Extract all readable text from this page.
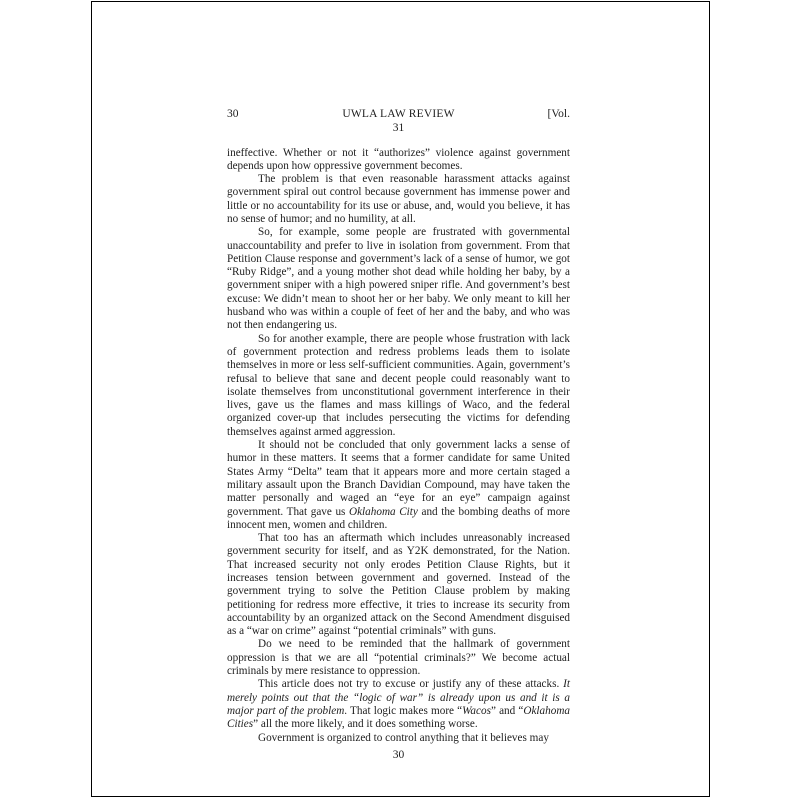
30	UWLA LAW REVIEW	[Vol.
31

ineffective. Whether or not it “authorizes” violence against government depends upon how oppressive government becomes.

The problem is that even reasonable harassment attacks against government spiral out control because government has immense power and little or no accountability for its use or abuse, and, would you believe, it has no sense of humor; and no humility, at all.

So, for example, some people are frustrated with governmental unaccountability and prefer to live in isolation from government. From that Petition Clause response and government’s lack of a sense of humor, we got “Ruby Ridge”, and a young mother shot dead while holding her baby, by a government sniper with a high powered sniper rifle. And government’s best excuse: We didn’t mean to shoot her or her baby. We only meant to kill her husband who was within a couple of feet of her and the baby, and who was not then endangering us.

So for another example, there are people whose frustration with lack of government protection and redress problems leads them to isolate themselves in more or less self-sufficient communities. Again, government’s refusal to believe that sane and decent people could reasonably want to isolate themselves from unconstitutional government interference in their lives, gave us the flames and mass killings of Waco, and the federal organized cover-up that includes persecuting the victims for defending themselves against armed aggression.

It should not be concluded that only government lacks a sense of humor in these matters. It seems that a former candidate for same United States Army “Delta” team that it appears more and more certain staged a military assault upon the Branch Davidian Compound, may have taken the matter personally and waged an “eye for an eye” campaign against government. That gave us Oklahoma City and the bombing deaths of more innocent men, women and children.

That too has an aftermath which includes unreasonably increased government security for itself, and as Y2K demonstrated, for the Nation. That increased security not only erodes Petition Clause Rights, but it increases tension between government and governed. Instead of the government trying to solve the Petition Clause problem by making petitioning for redress more effective, it tries to increase its security from accountability by an organized attack on the Second Amendment disguised as a “war on crime” against “potential criminals” with guns.

Do we need to be reminded that the hallmark of government oppression is that we are all “potential criminals?” We become actual criminals by mere resistance to oppression.

This article does not try to excuse or justify any of these attacks. It merely points out that the “logic of war” is already upon us and it is a major part of the problem. That logic makes more “Wacos” and “Oklahoma Cities” all the more likely, and it does something worse.

Government is organized to control anything that it believes may

30
